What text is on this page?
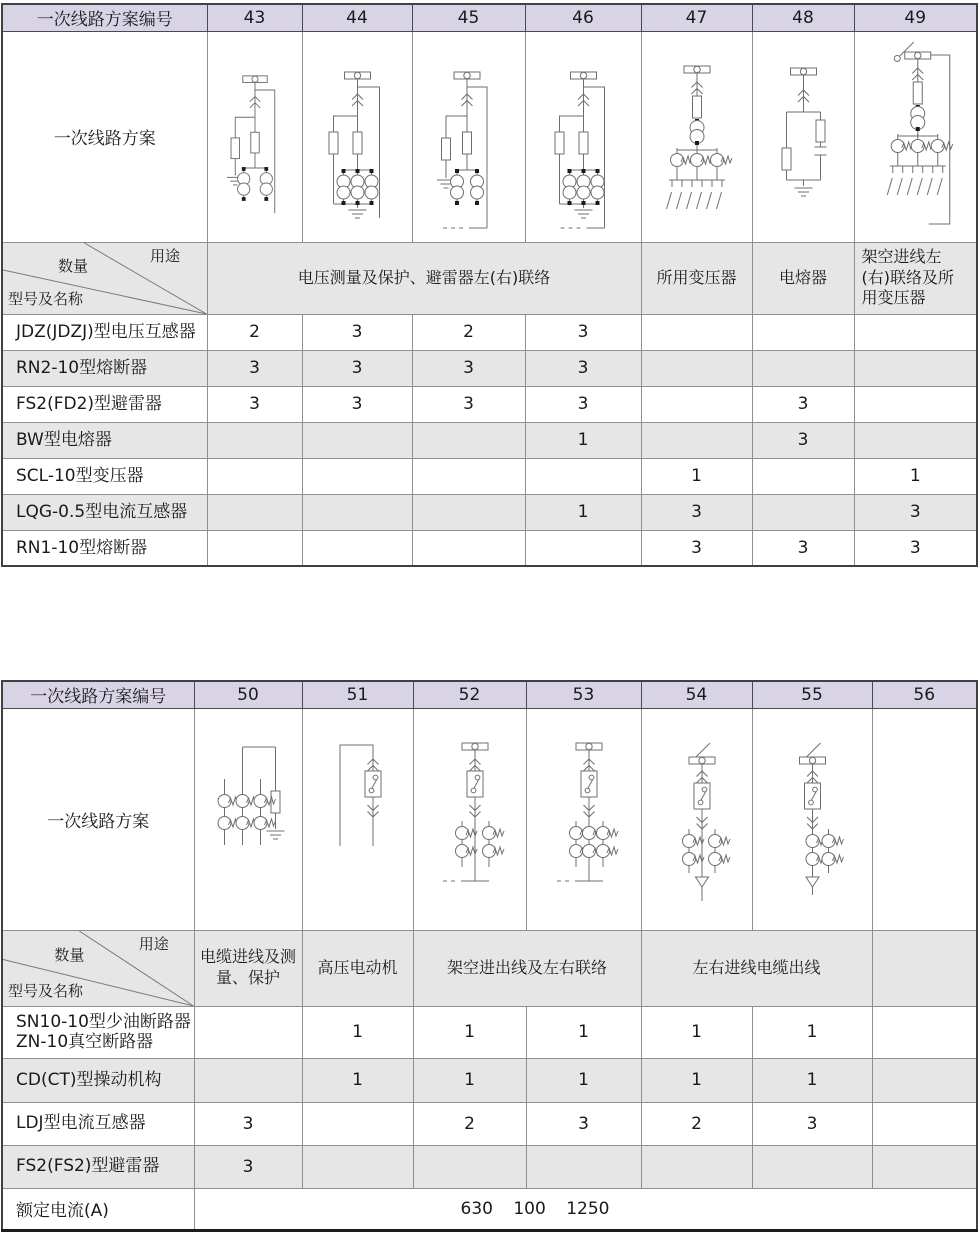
一次线路方案编号	43	44	45	46	47	48	49
一次线路方案	

数量
用途
型号及名称	电压测量及保护、避雷器左(右)联络				所用变压器	电熔器	架空进线左(右)联络及所用变压器
JDZ(JDZJ)型电压互感器	2	3	2	3			
RN2-10型熔断器	3	3	3	3			
FS2(FD2)型避雷器	3	3	3	3		3	
BW型电熔器				1		3	
SCL-10型变压器					1		1
LQG-0.5型电流互感器				1	3		3
RN1-10型熔断器					3	3	3
一次线路方案编号	50	51	52	53	54	55	56
一次线路方案	

数量
用途
型号及名称	电缆进线及测量、保护	高压电动机	架空进出线及左右联络		左右进线电缆出线		
SN10-10型少油断路器
ZN-10真空断路器		1	1	1	1	1	
CD(CT)型操动机构		1	1	1	1	1	
LDJ型电流互感器	3		2	3	2	3	
FS2(FS2)型避雷器	3						
额定电流(A)	630 100 1250						
